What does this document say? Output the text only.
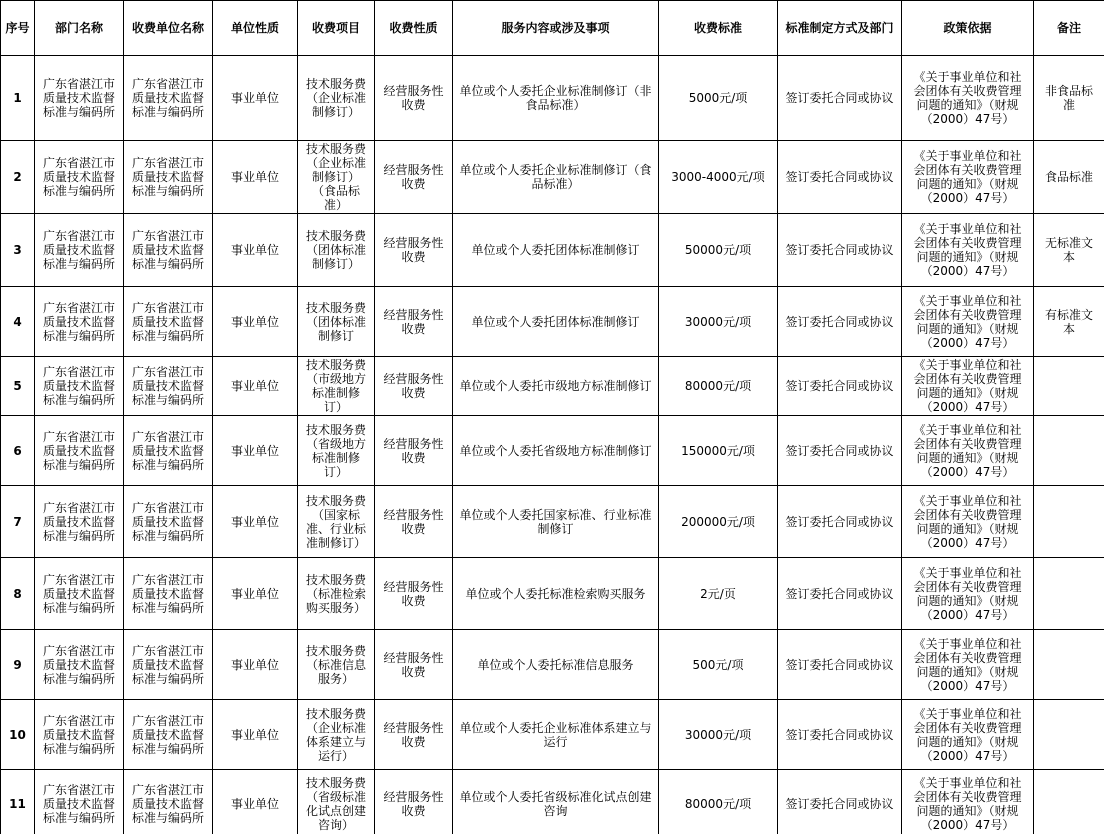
序号	部门名称	收费单位名称	单位性质	收费项目	收费性质	服务内容或涉及事项	收费标准	标准制定方式及部门	政策依据	备注
1	广东省湛江市质量技术监督标准与编码所	广东省湛江市质量技术监督标准与编码所	事业单位	技术服务费（企业标准制修订）	经营服务性收费	单位或个人委托企业标准制修订（非食品标准）	5000元/项	签订委托合同或协议	《关于事业单位和社会团体有关收费管理问题的通知》（财规（2000）47号）	非食品标准
2	广东省湛江市质量技术监督标准与编码所	广东省湛江市质量技术监督标准与编码所	事业单位	技术服务费（企业标准制修订）（食品标准）	经营服务性收费	单位或个人委托企业标准制修订（食品标准）	3000-4000元/项	签订委托合同或协议	《关于事业单位和社会团体有关收费管理问题的通知》（财规（2000）47号）	食品标准
3	广东省湛江市质量技术监督标准与编码所	广东省湛江市质量技术监督标准与编码所	事业单位	技术服务费（团体标准制修订）	经营服务性收费	单位或个人委托团体标准制修订	50000元/项	签订委托合同或协议	《关于事业单位和社会团体有关收费管理问题的通知》（财规（2000）47号）	无标准文本
4	广东省湛江市质量技术监督标准与编码所	广东省湛江市质量技术监督标准与编码所	事业单位	技术服务费（团体标准制修订	经营服务性收费	单位或个人委托团体标准制修订	30000元/项	签订委托合同或协议	《关于事业单位和社会团体有关收费管理问题的通知》（财规（2000）47号）	有标准文本
5	广东省湛江市质量技术监督标准与编码所	广东省湛江市质量技术监督标准与编码所	事业单位	技术服务费（市级地方标准制修订）	经营服务性收费	单位或个人委托市级地方标准制修订	80000元/项	签订委托合同或协议	《关于事业单位和社会团体有关收费管理问题的通知》（财规（2000）47号）	
6	广东省湛江市质量技术监督标准与编码所	广东省湛江市质量技术监督标准与编码所	事业单位	技术服务费（省级地方标准制修订）	经营服务性收费	单位或个人委托省级地方标准制修订	150000元/项	签订委托合同或协议	《关于事业单位和社会团体有关收费管理问题的通知》（财规（2000）47号）	
7	广东省湛江市质量技术监督标准与编码所	广东省湛江市质量技术监督标准与编码所	事业单位	技术服务费（国家标准、行业标准制修订）	经营服务性收费	单位或个人委托国家标准、行业标准制修订	200000元/项	签订委托合同或协议	《关于事业单位和社会团体有关收费管理问题的通知》（财规（2000）47号）	
8	广东省湛江市质量技术监督标准与编码所	广东省湛江市质量技术监督标准与编码所	事业单位	技术服务费（标准检索购买服务）	经营服务性收费	单位或个人委托标准检索购买服务	2元/页	签订委托合同或协议	《关于事业单位和社会团体有关收费管理问题的通知》（财规（2000）47号）	
9	广东省湛江市质量技术监督标准与编码所	广东省湛江市质量技术监督标准与编码所	事业单位	技术服务费（标准信息服务）	经营服务性收费	单位或个人委托标准信息服务	500元/项	签订委托合同或协议	《关于事业单位和社会团体有关收费管理问题的通知》（财规（2000）47号）	
10	广东省湛江市质量技术监督标准与编码所	广东省湛江市质量技术监督标准与编码所	事业单位	技术服务费（企业标准体系建立与运行）	经营服务性收费	单位或个人委托企业标准体系建立与运行	30000元/项	签订委托合同或协议	《关于事业单位和社会团体有关收费管理问题的通知》（财规（2000）47号）	
11	广东省湛江市质量技术监督标准与编码所	广东省湛江市质量技术监督标准与编码所	事业单位	技术服务费（省级标准化试点创建咨询）	经营服务性收费	单位或个人委托省级标准化试点创建咨询	80000元/项	签订委托合同或协议	《关于事业单位和社会团体有关收费管理问题的通知》（财规（2000）47号）	
